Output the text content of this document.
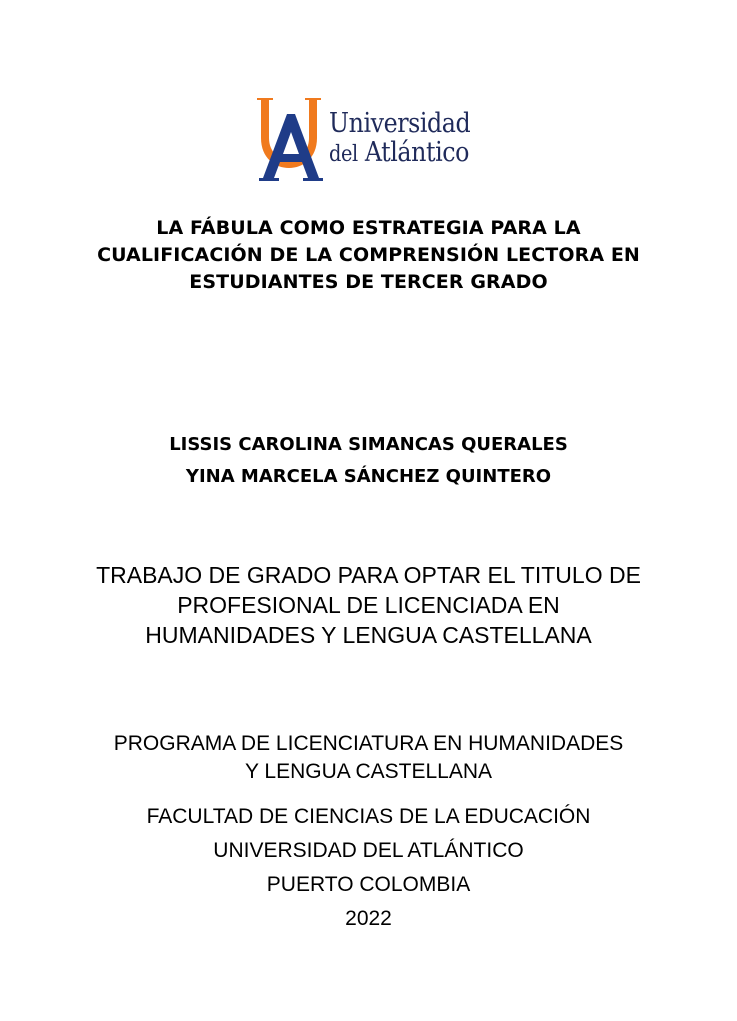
Universidad
del Atlántico
LA FÁBULA COMO ESTRATEGIA PARA LA
CUALIFICACIÓN DE LA COMPRENSIÓN LECTORA EN
ESTUDIANTES DE TERCER GRADO
LISSIS CAROLINA SIMANCAS QUERALES
YINA MARCELA SÁNCHEZ QUINTERO
TRABAJO DE GRADO PARA OPTAR EL TITULO DE
PROFESIONAL DE LICENCIADA EN
HUMANIDADES Y LENGUA CASTELLANA
PROGRAMA DE LICENCIATURA EN HUMANIDADES
Y LENGUA CASTELLANA
FACULTAD DE CIENCIAS DE LA EDUCACIÓN
UNIVERSIDAD DEL ATLÁNTICO
PUERTO COLOMBIA
2022
